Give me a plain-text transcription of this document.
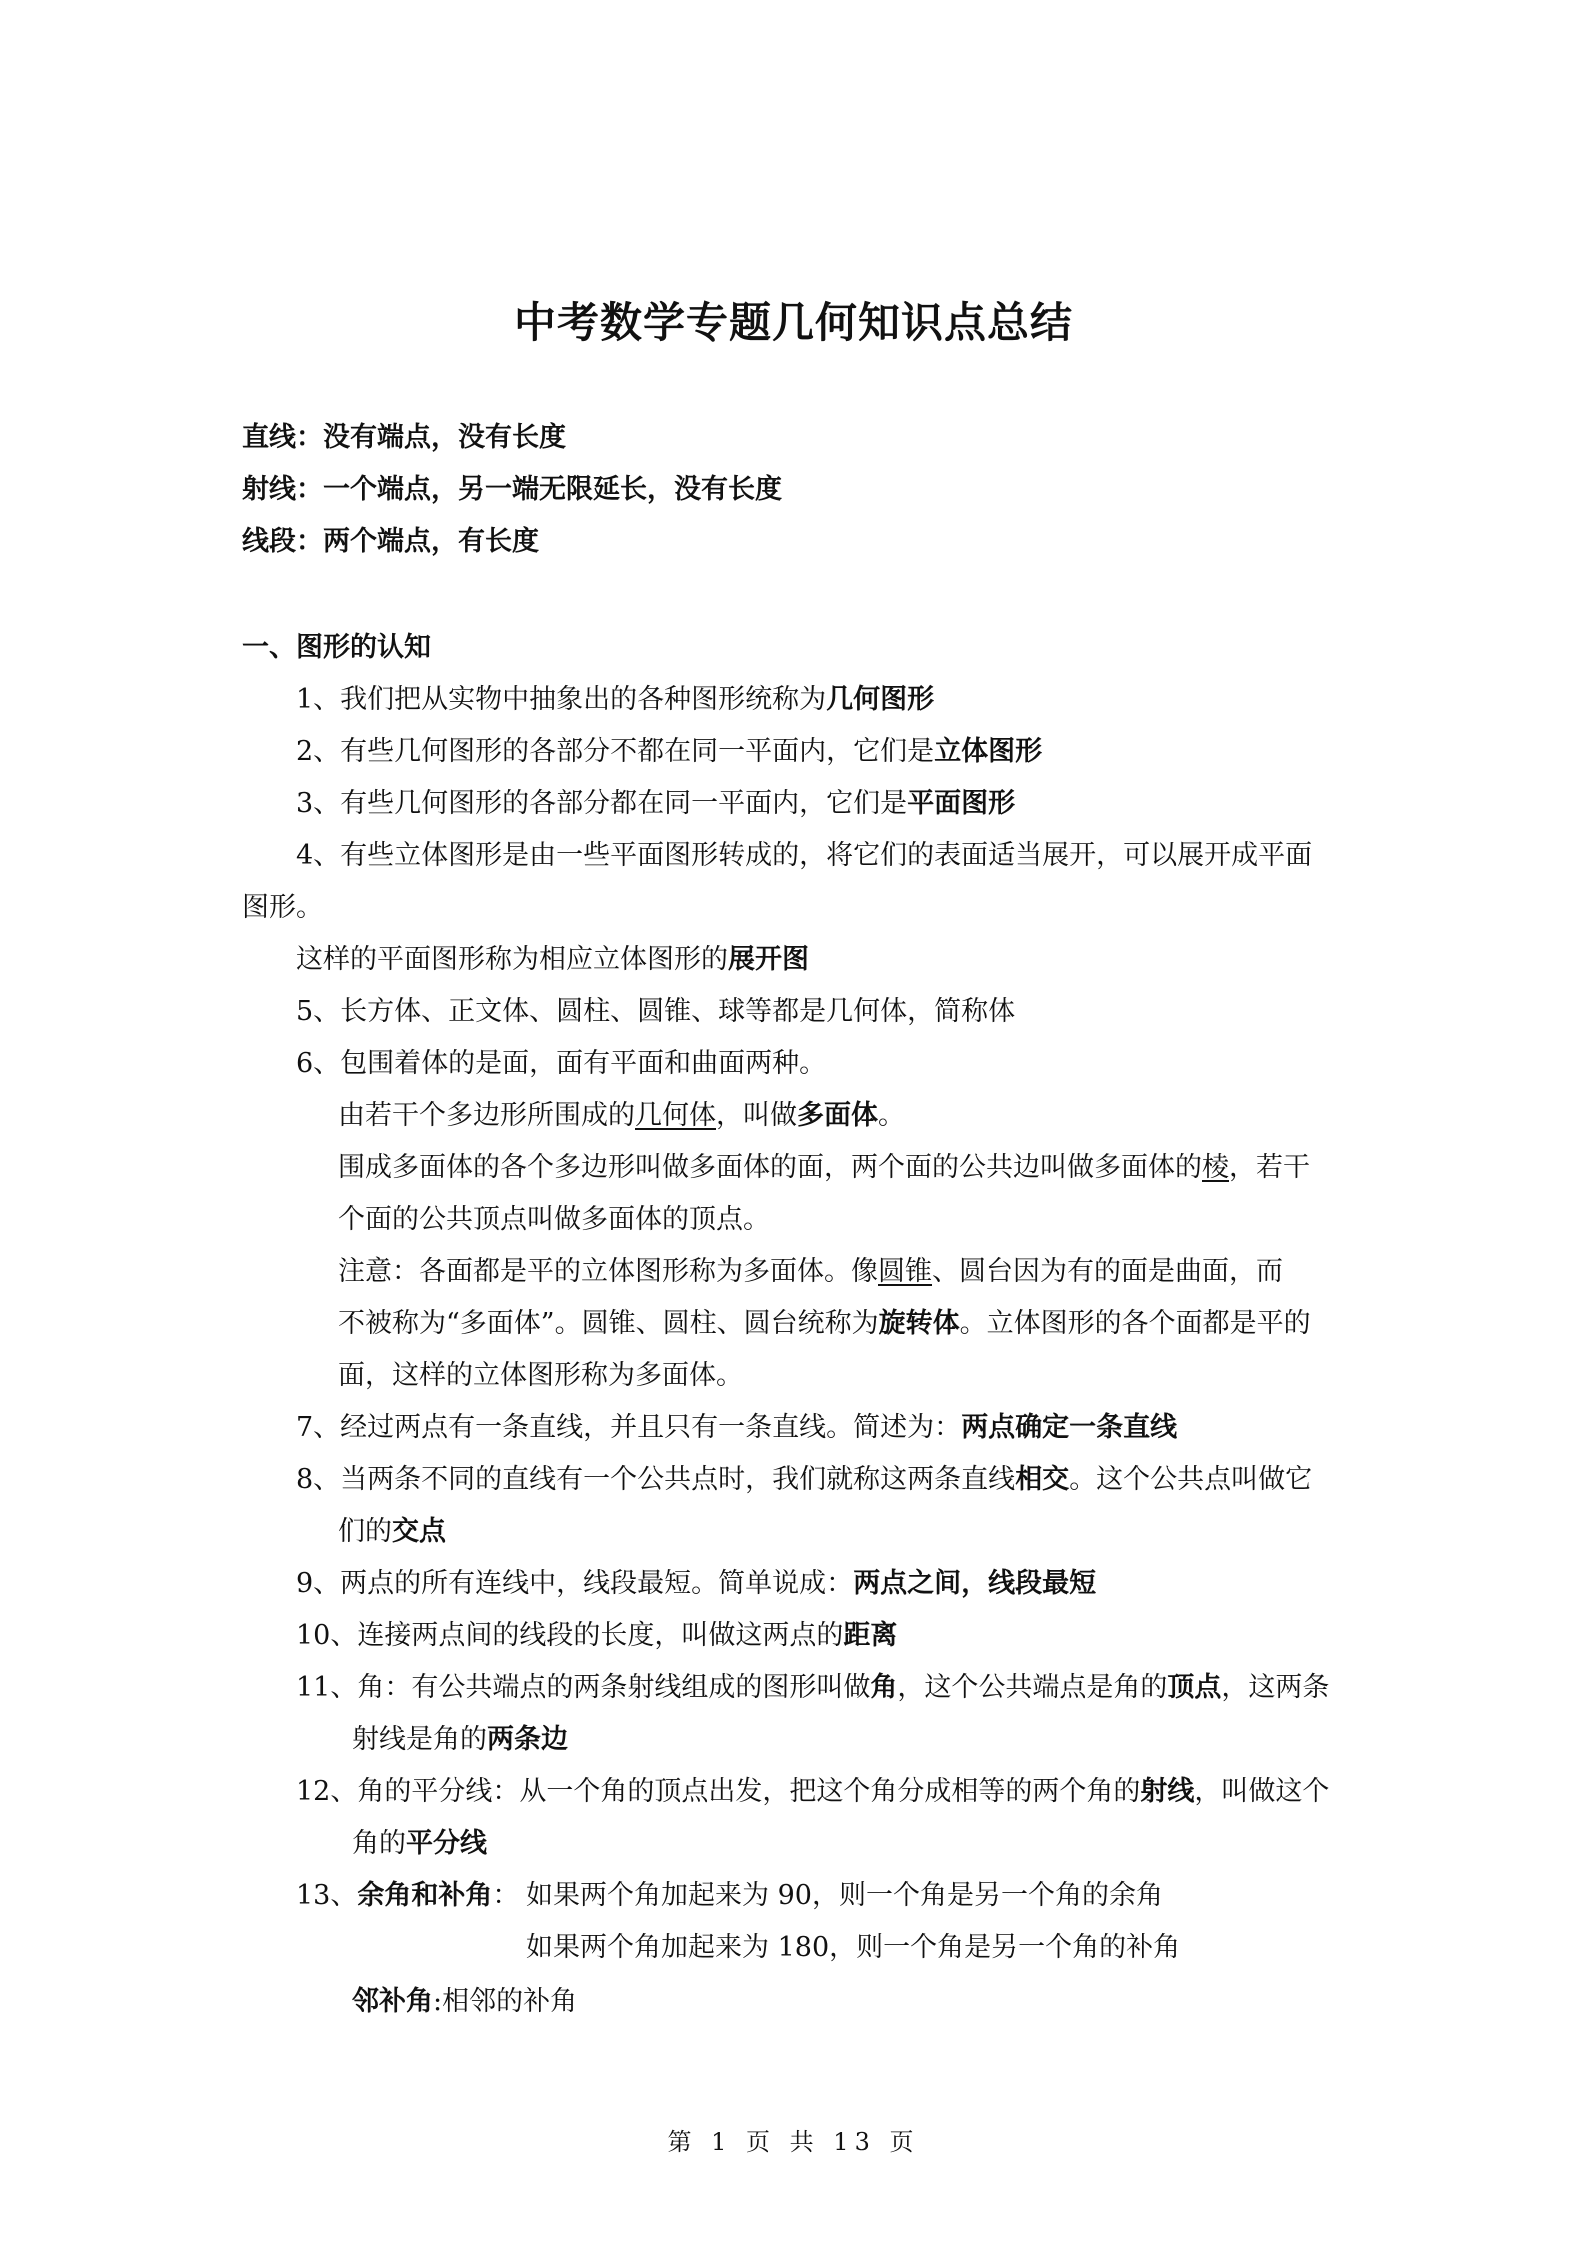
中考数学专题几何知识点总结
直线：没有端点，没有长度
射线：一个端点，另一端无限延长，没有长度
线段：两个端点，有长度
一、图形的认知
1、我们把从实物中抽象出的各种图形统称为几何图形
2、有些几何图形的各部分不都在同一平面内，它们是立体图形
3、有些几何图形的各部分都在同一平面内，它们是平面图形
4、有些立体图形是由一些平面图形转成的，将它们的表面适当展开，可以展开成平面
图形。
这样的平面图形称为相应立体图形的展开图
5、长方体、正文体、圆柱、圆锥、球等都是几何体，简称体
6、包围着体的是面，面有平面和曲面两种。
由若干个多边形所围成的几何体，叫做多面体。
围成多面体的各个多边形叫做多面体的面，两个面的公共边叫做多面体的棱，若干
个面的公共顶点叫做多面体的顶点。
注意：各面都是平的立体图形称为多面体。像圆锥、圆台因为有的面是曲面，而
不被称为“多面体”。圆锥、圆柱、圆台统称为旋转体。立体图形的各个面都是平的
面，这样的立体图形称为多面体。
7、经过两点有一条直线，并且只有一条直线。简述为：两点确定一条直线
8、当两条不同的直线有一个公共点时，我们就称这两条直线相交。这个公共点叫做它
们的交点
9、两点的所有连线中，线段最短。简单说成：两点之间，线段最短
10、连接两点间的线段的长度，叫做这两点的距离
11、角：有公共端点的两条射线组成的图形叫做角，这个公共端点是角的顶点，这两条
射线是角的两条边
12、角的平分线：从一个角的顶点出发，把这个角分成相等的两个角的射线，叫做这个
角的平分线
13、余角和补角： 如果两个角加起来为 90，则一个角是另一个角的余角
如果两个角加起来为 180，则一个角是另一个角的补角
邻补角:相邻的补角
第 1 页 共 13 页
